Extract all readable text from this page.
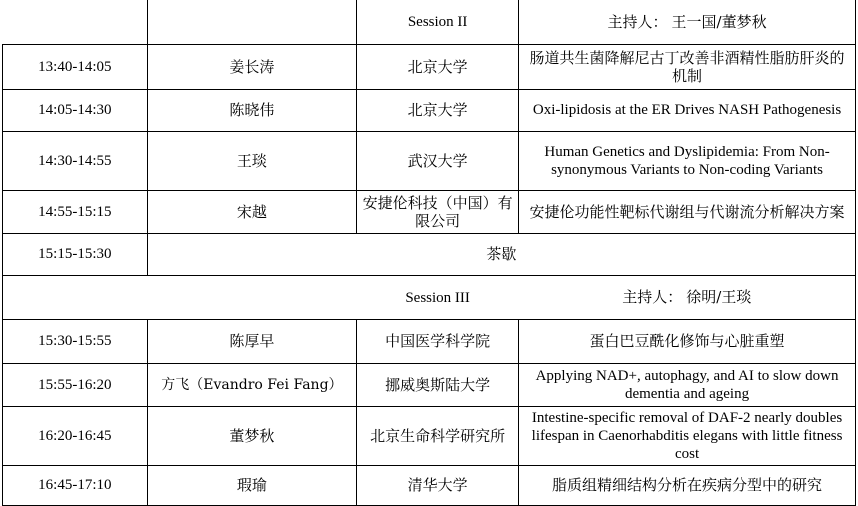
		Session II	主持人： 王一国/董梦秋
13:40-14:05	姜长涛	北京大学	肠道共生菌降解尼古丁改善非酒精性脂肪肝炎的机制
14:05-14:30	陈晓伟	北京大学	Oxi-lipidosis at the ER Drives NASH Pathogenesis
14:30-14:55	王琰	武汉大学	Human Genetics and Dyslipidemia: From Non-synonymous Variants to Non-coding Variants
14:55-15:15	宋越	安捷伦科技（中国）有限公司	安捷伦功能性靶标代谢组与代谢流分析解决方案
15:15-15:30	茶歇		
		Session III	主持人： 徐明/王琰
15:30-15:55	陈厚早	中国医学科学院	蛋白巴豆酰化修饰与心脏重塑
15:55-16:20	方飞（Evandro Fei Fang）	挪威奥斯陆大学	Applying NAD+, autophagy, and AI to slow down dementia and ageing
16:20-16:45	董梦秋	北京生命科学研究所	Intestine-specific removal of DAF-2 nearly doubles lifespan in Caenorhabditis elegans with little fitness cost
16:45-17:10	瑕瑜	清华大学	脂质组精细结构分析在疾病分型中的研究
